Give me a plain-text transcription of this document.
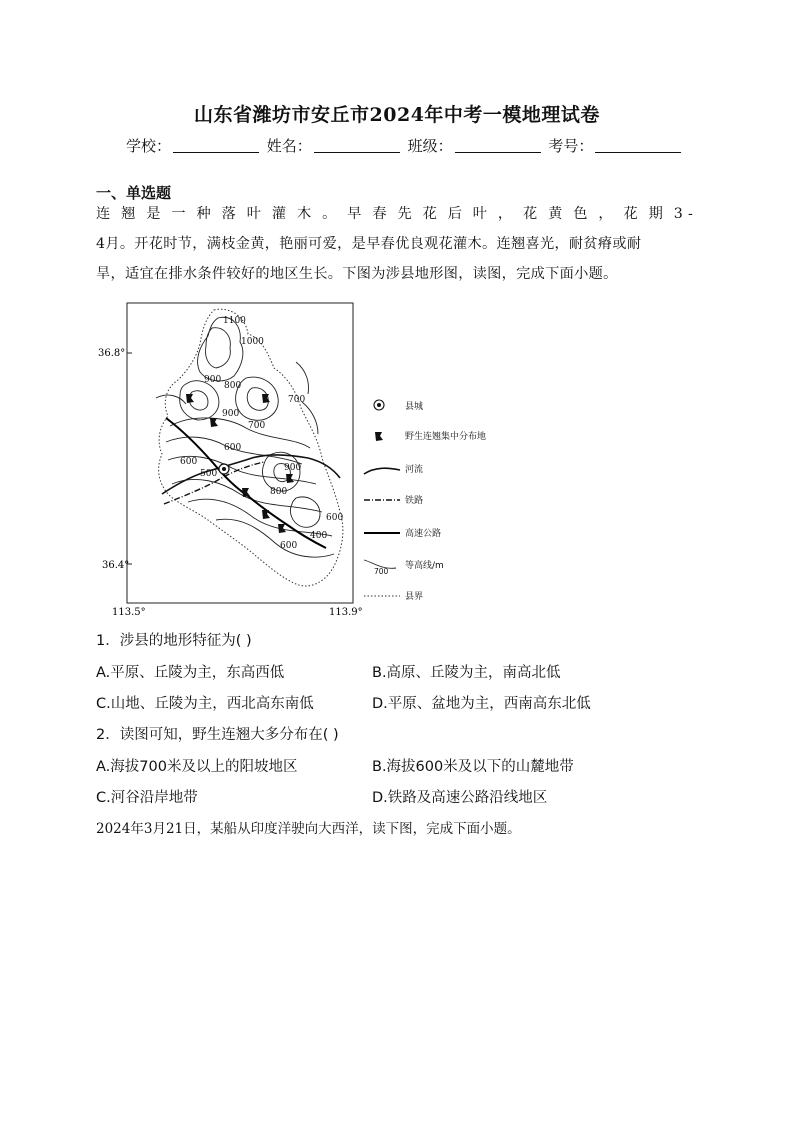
山东省潍坊市安丘市2024年中考一模地理试卷
学校：	姓名：	班级：	考号：
一、单选题
连翘是一种落叶灌木。早春先花后叶，花黄色，花期3-
4月。开花时节，满枝金黄，艳丽可爱，是早春优良观花灌木。连翘喜光，耐贫瘠或耐
旱，适宜在排水条件较好的地区生长。下图为涉县地形图，读图，完成下面小题。
36.8°
36.4°
113.5°	113.9°
1100
1000
900
800
700
900
700
600
600
500
900
800
600
400
600
县城
野生连翘集中分布地
河流
铁路
高速公路
700
等高线/m
县界
1．涉县的地形特征为( )
A.平原、丘陵为主，东高西低	B.高原、丘陵为主，南高北低
C.山地、丘陵为主，西北高东南低	D.平原、盆地为主，西南高东北低
2．读图可知，野生连翘大多分布在( )
A.海拔700米及以上的阳坡地区	B.海拔600米及以下的山麓地带
C.河谷沿岸地带	D.铁路及高速公路沿线地区
2024年3月21日，某船从印度洋驶向大西洋，读下图，完成下面小题。
